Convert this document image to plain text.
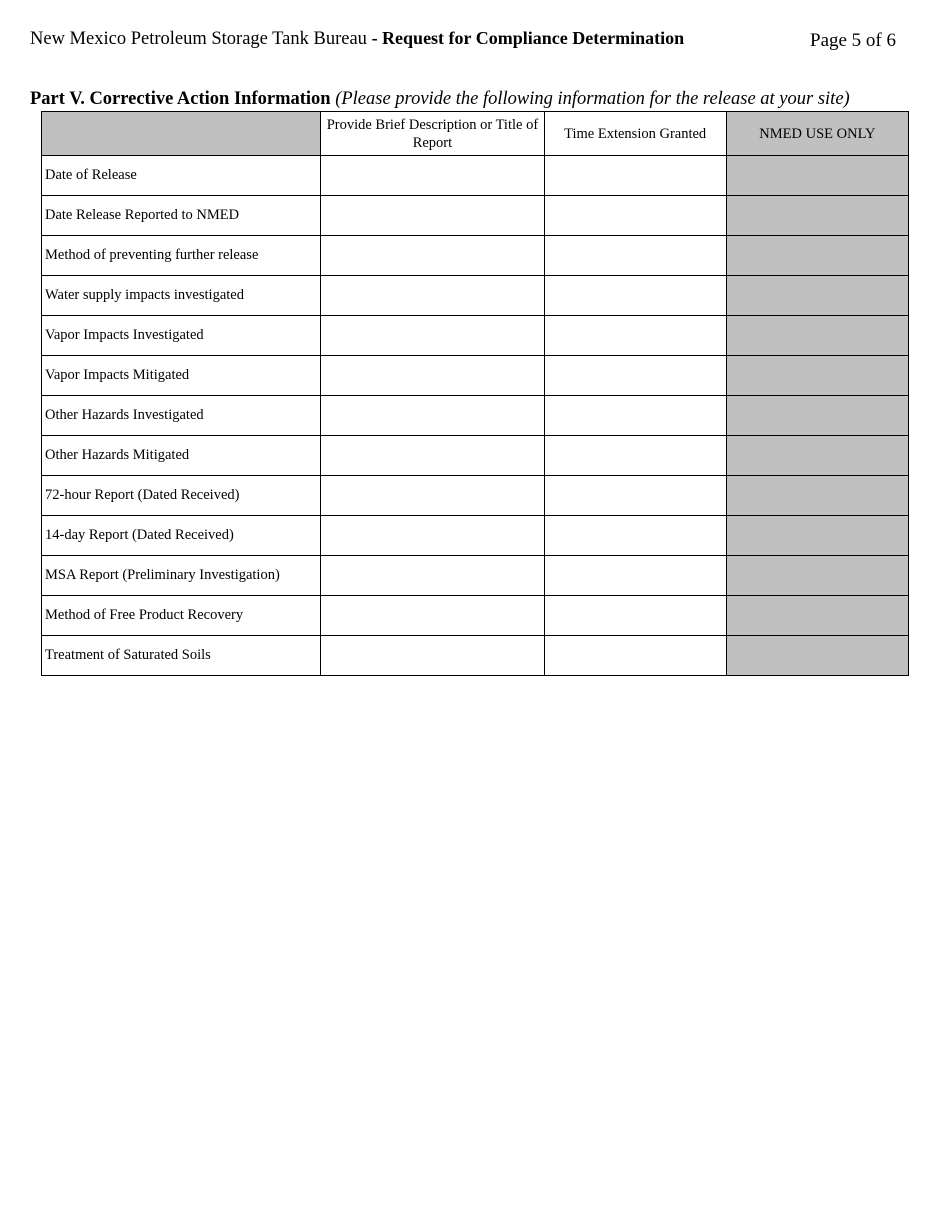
New Mexico Petroleum Storage Tank Bureau - Request for Compliance Determination	Page 5 of 6
Part V. Corrective Action Information (Please provide the following information for the release at your site)
	Provide Brief Description or Title of Report	Time Extension Granted	NMED USE ONLY
Date of Release			
Date Release Reported to NMED			
Method of preventing further release			
Water supply impacts investigated			
Vapor Impacts Investigated			
Vapor Impacts Mitigated			
Other Hazards Investigated			
Other Hazards Mitigated			
72-hour Report (Dated Received)			
14-day Report (Dated Received)			
MSA Report (Preliminary Investigation)			
Method of Free Product Recovery			
Treatment of Saturated Soils			
